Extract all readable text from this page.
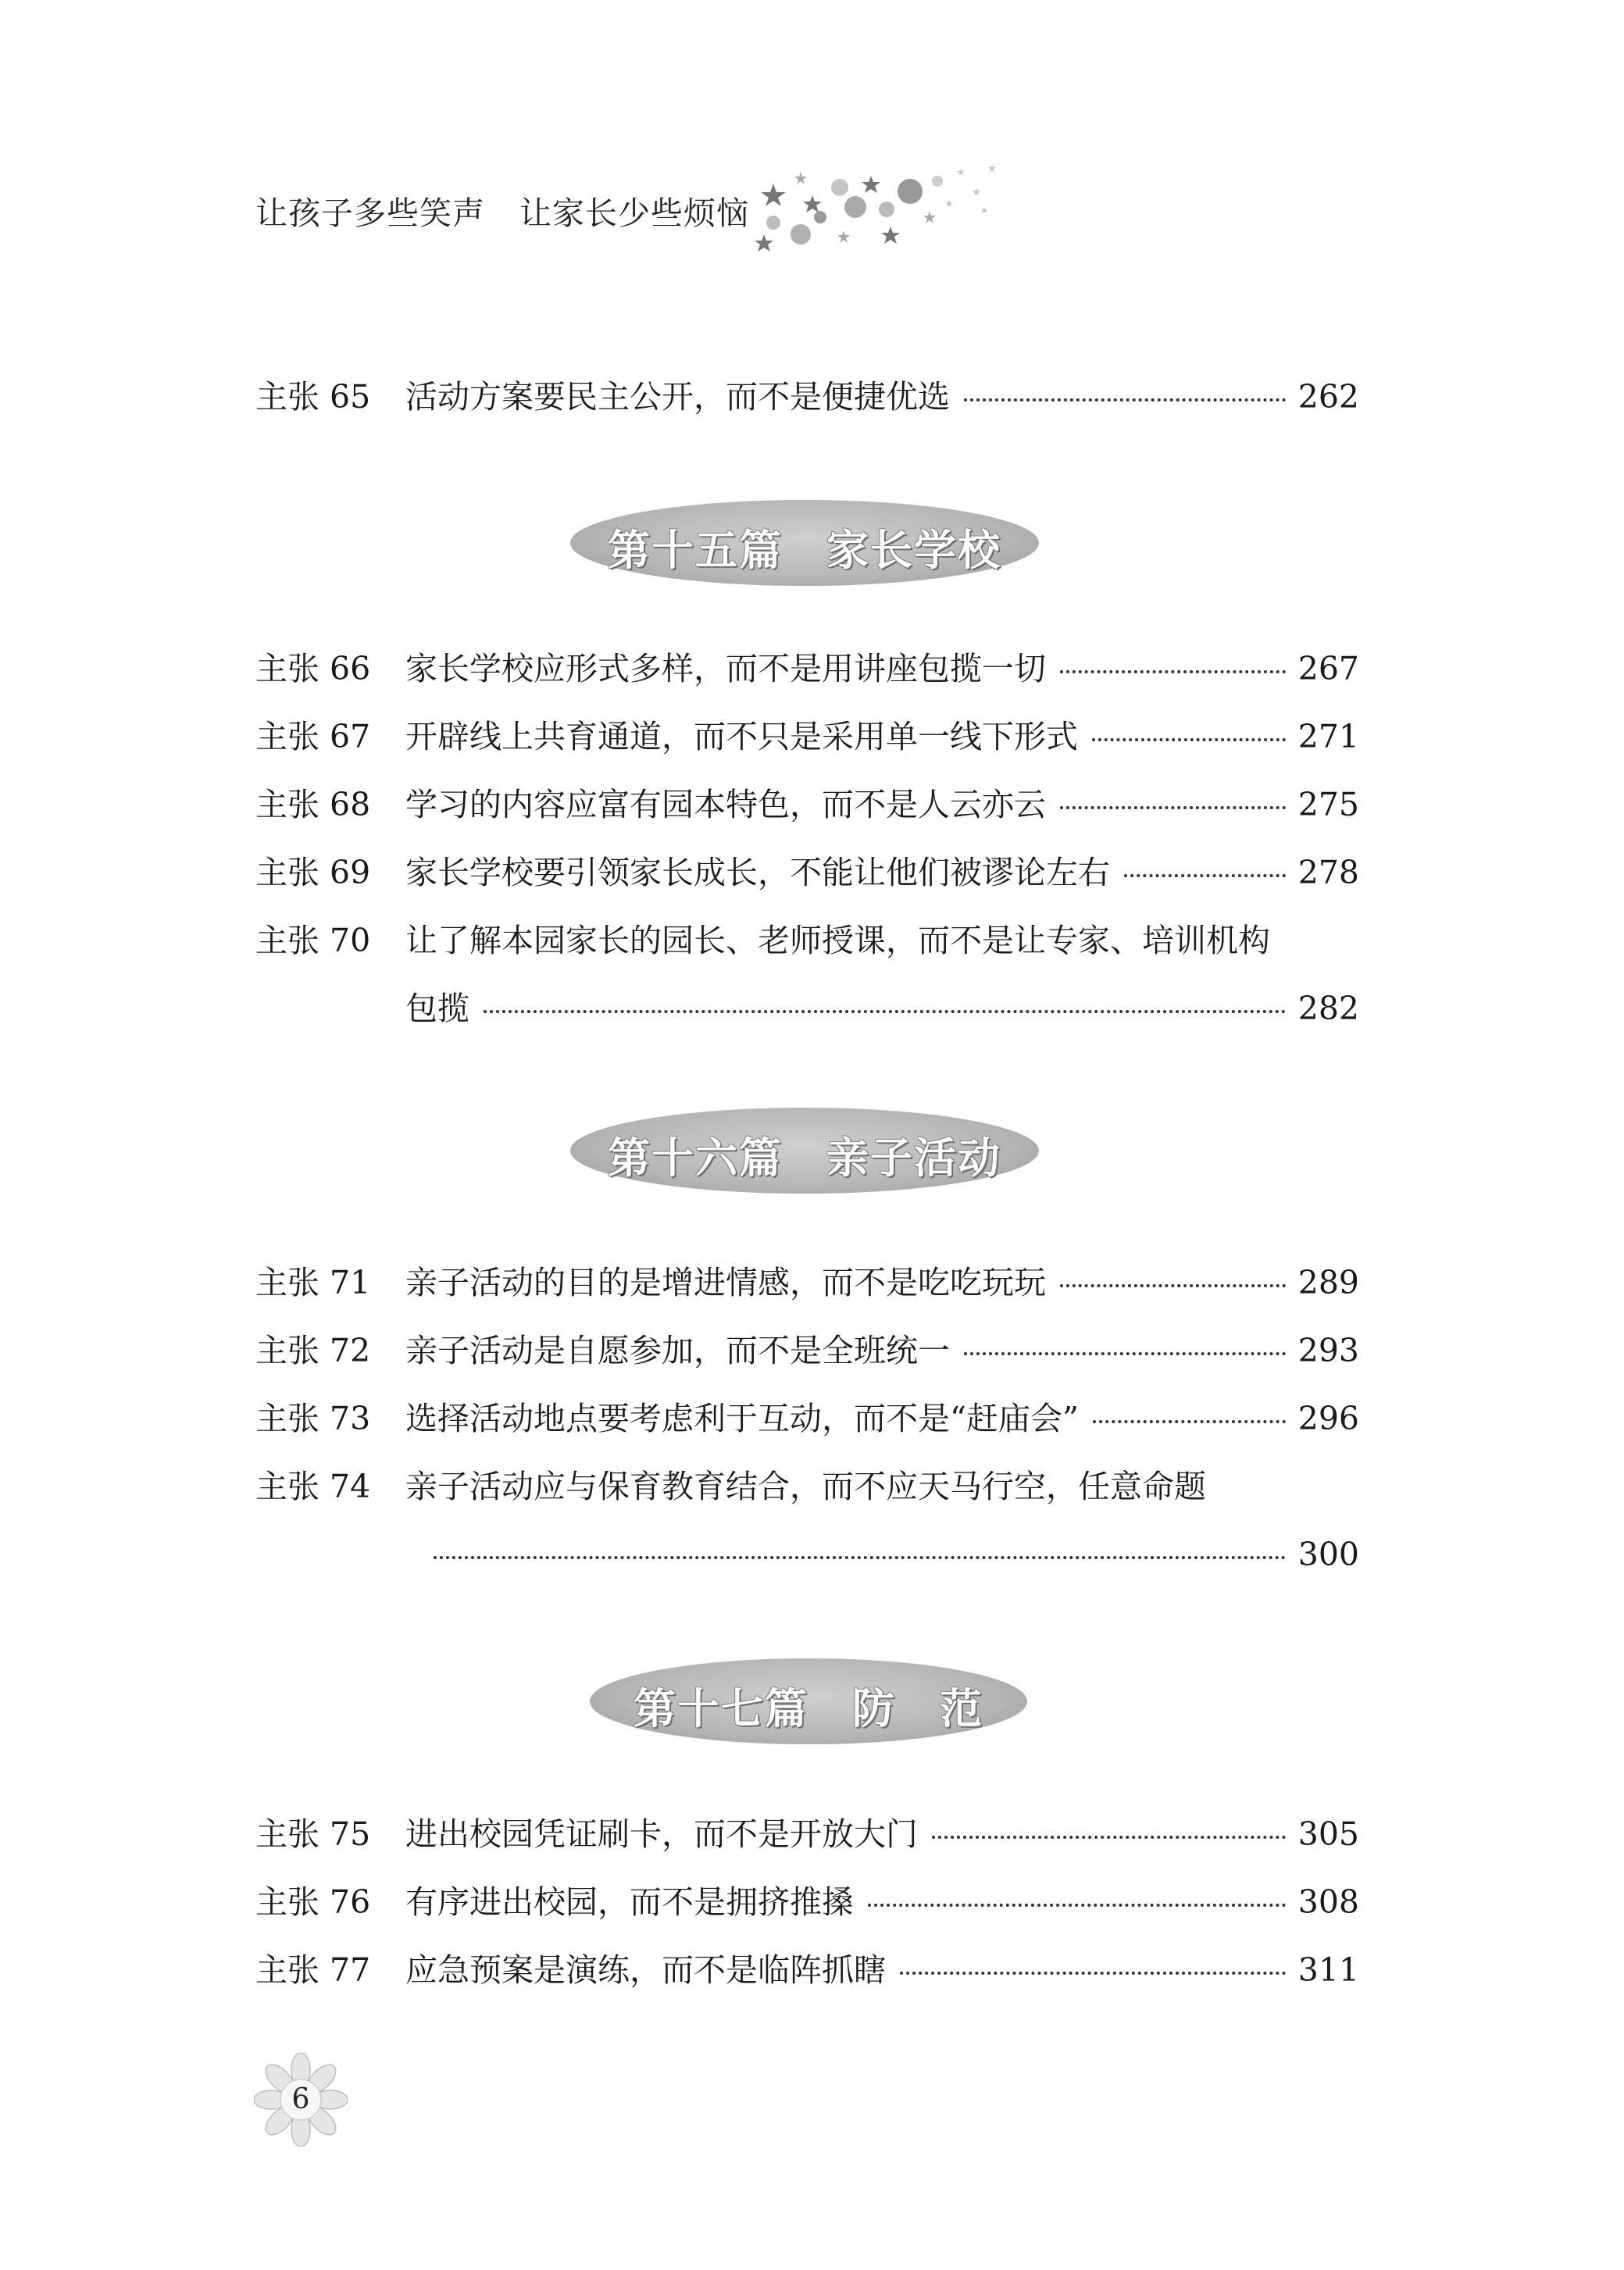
让孩子多些笑声 让家长少些烦恼
主张 65 活动方案要民主公开，而不是便捷优选	262
第十五篇　家长学校
主张 66 家长学校应形式多样，而不是用讲座包揽一切	267
主张 67 开辟线上共育通道，而不只是采用单一线下形式	271
主张 68 学习的内容应富有园本特色，而不是人云亦云	275
主张 69 家长学校要引领家长成长，不能让他们被谬论左右	278
主张 70 让了解本园家长的园长、老师授课，而不是让专家、培训机构
包揽	282
第十六篇　亲子活动
主张 71 亲子活动的目的是增进情感，而不是吃吃玩玩	289
主张 72 亲子活动是自愿参加，而不是全班统一	293
主张 73 选择活动地点要考虑利于互动，而不是“赶庙会”	296
主张 74 亲子活动应与保育教育结合，而不应天马行空，任意命题
300
第十七篇　防　范
主张 75 进出校园凭证刷卡，而不是开放大门	305
主张 76 有序进出校园，而不是拥挤推搡	308
主张 77 应急预案是演练，而不是临阵抓瞎	311
6
